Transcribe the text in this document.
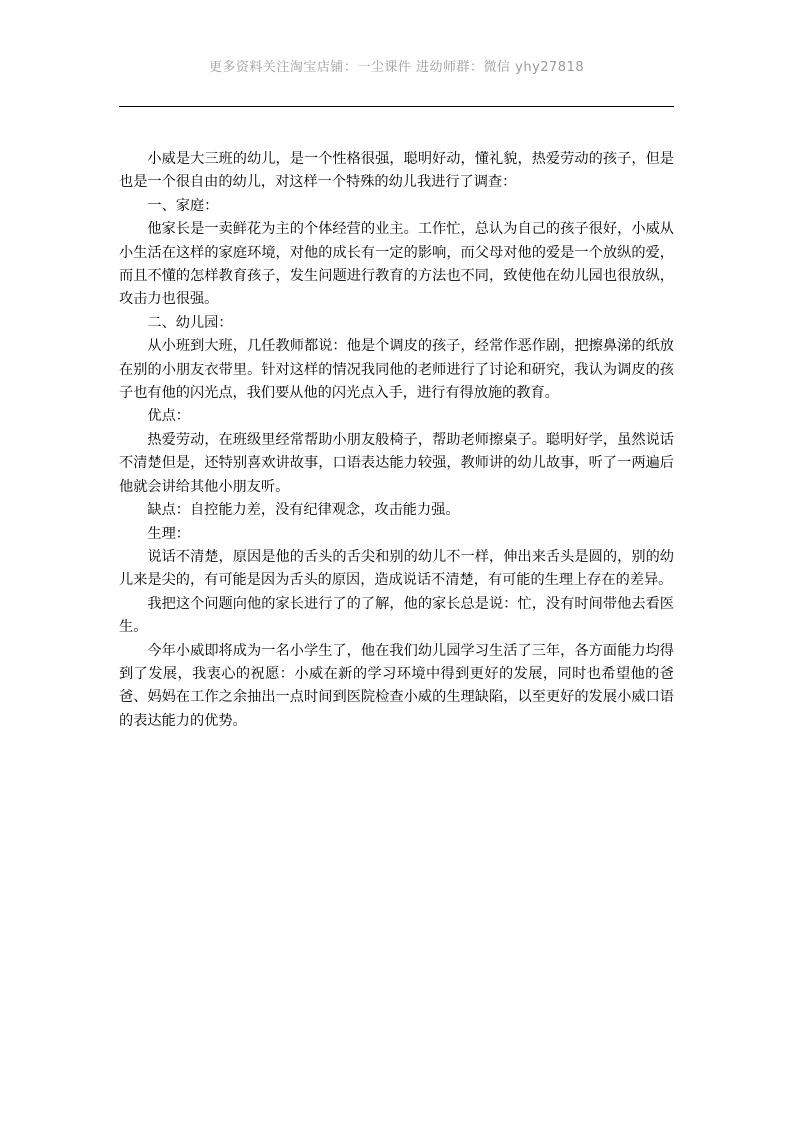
更多资料关注淘宝店铺：一尘课件 进幼师群：微信 yhy27818

小威是大三班的幼儿，是一个性格很强，聪明好动，懂礼貌，热爱劳动的孩子，但是也是一个很自由的幼儿，对这样一个特殊的幼儿我进行了调查：

一、家庭：

他家长是一卖鲜花为主的个体经营的业主。工作忙，总认为自己的孩子很好，小威从小生活在这样的家庭环境，对他的成长有一定的影响，而父母对他的爱是一个放纵的爱，而且不懂的怎样教育孩子，发生问题进行教育的方法也不同，致使他在幼儿园也很放纵，攻击力也很强。

二、幼儿园：

从小班到大班，几任教师都说：他是个调皮的孩子，经常作恶作剧，把擦鼻涕的纸放在别的小朋友衣带里。针对这样的情况我同他的老师进行了讨论和研究，我认为调皮的孩子也有他的闪光点，我们要从他的闪光点入手，进行有得放施的教育。

优点：

热爱劳动，在班级里经常帮助小朋友般椅子，帮助老师擦桌子。聪明好学，虽然说话不清楚但是，还特别喜欢讲故事，口语表达能力较强，教师讲的幼儿故事，听了一两遍后他就会讲给其他小朋友听。

缺点：自控能力差，没有纪律观念，攻击能力强。

生理：

说话不清楚，原因是他的舌头的舌尖和别的幼儿不一样，伸出来舌头是圆的，别的幼儿来是尖的，有可能是因为舌头的原因，造成说话不清楚，有可能的生理上存在的差异。

我把这个问题向他的家长进行了的了解，他的家长总是说：忙，没有时间带他去看医生。

今年小威即将成为一名小学生了，他在我们幼儿园学习生活了三年，各方面能力均得到了发展，我衷心的祝愿：小威在新的学习环境中得到更好的发展，同时也希望他的爸爸、妈妈在工作之余抽出一点时间到医院检查小威的生理缺陷，以至更好的发展小威口语的表达能力的优势。
